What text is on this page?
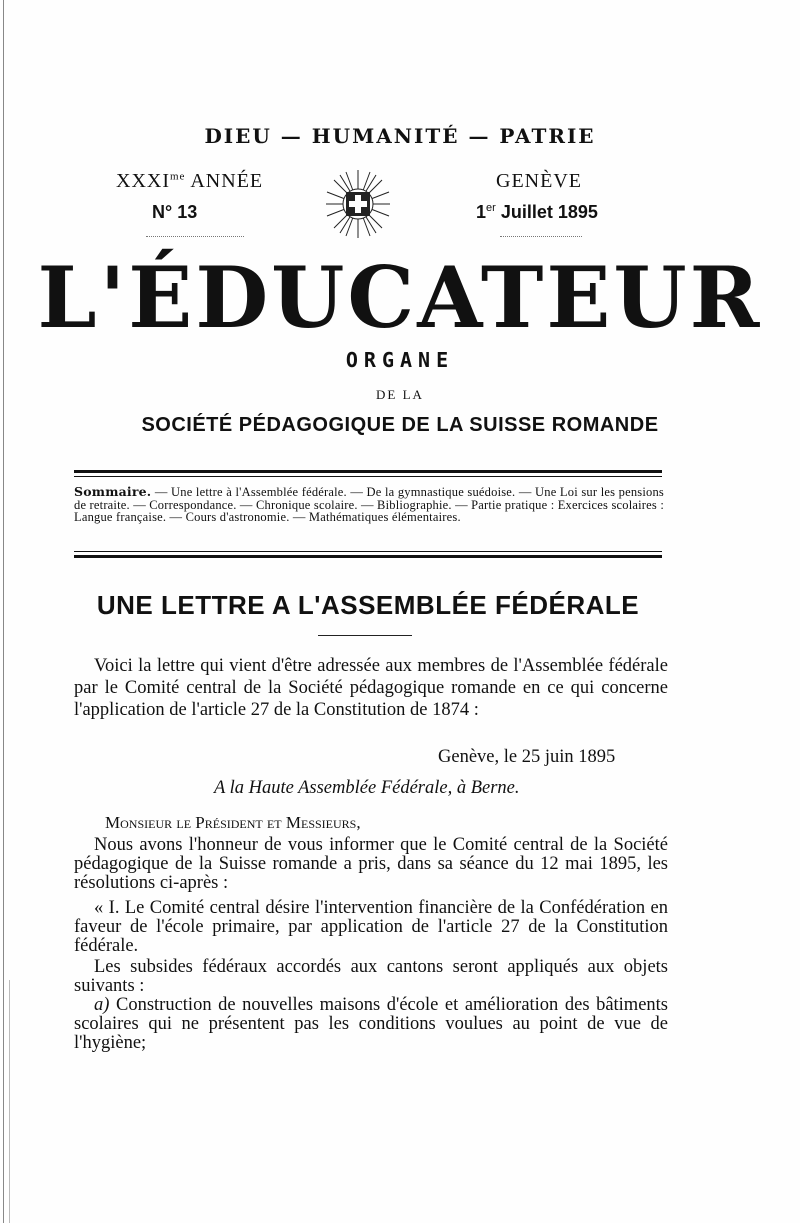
DIEU — HUMANITÉ — PATRIE
$XXXI^{me}$ ANNÉE
N° 13
GENÈVE
1er Juillet 1895
L'ÉDUCATEUR
ORGANE
DE LA
SOCIÉTÉ PÉDAGOGIQUE DE LA SUISSE ROMANDE
Sommaire. — Une lettre à l'Assemblée fédérale. — De la gymnastique suédoise. — Une Loi sur les pensions de retraite. — Correspondance. — Chronique scolaire. — Bibliographie. — Partie pratique : Exercices scolaires : Langue française. — Cours d'astronomie. — Mathématiques élémentaires.
UNE LETTRE A L'ASSEMBLÉE FÉDÉRALE
Voici la lettre qui vient d'être adressée aux membres de l'Assemblée fédérale par le Comité central de la Société pédagogique romande en ce qui concerne l'application de l'article 27 de la Constitution de 1874 :
Genève, le 25 juin 1895
A la Haute Assemblée Fédérale, à Berne.
Monsieur le Président et Messieurs,
Nous avons l'honneur de vous informer que le Comité central de la Société pédagogique de la Suisse romande a pris, dans sa séance du 12 mai 1895, les résolutions ci-après :
« I. Le Comité central désire l'intervention financière de la Confédération en faveur de l'école primaire, par application de l'article 27 de la Constitution fédérale.
Les subsides fédéraux accordés aux cantons seront appliqués aux objets suivants :
a) Construction de nouvelles maisons d'école et amélioration des bâtiments scolaires qui ne présentent pas les conditions voulues au point de vue de l'hygiène;
